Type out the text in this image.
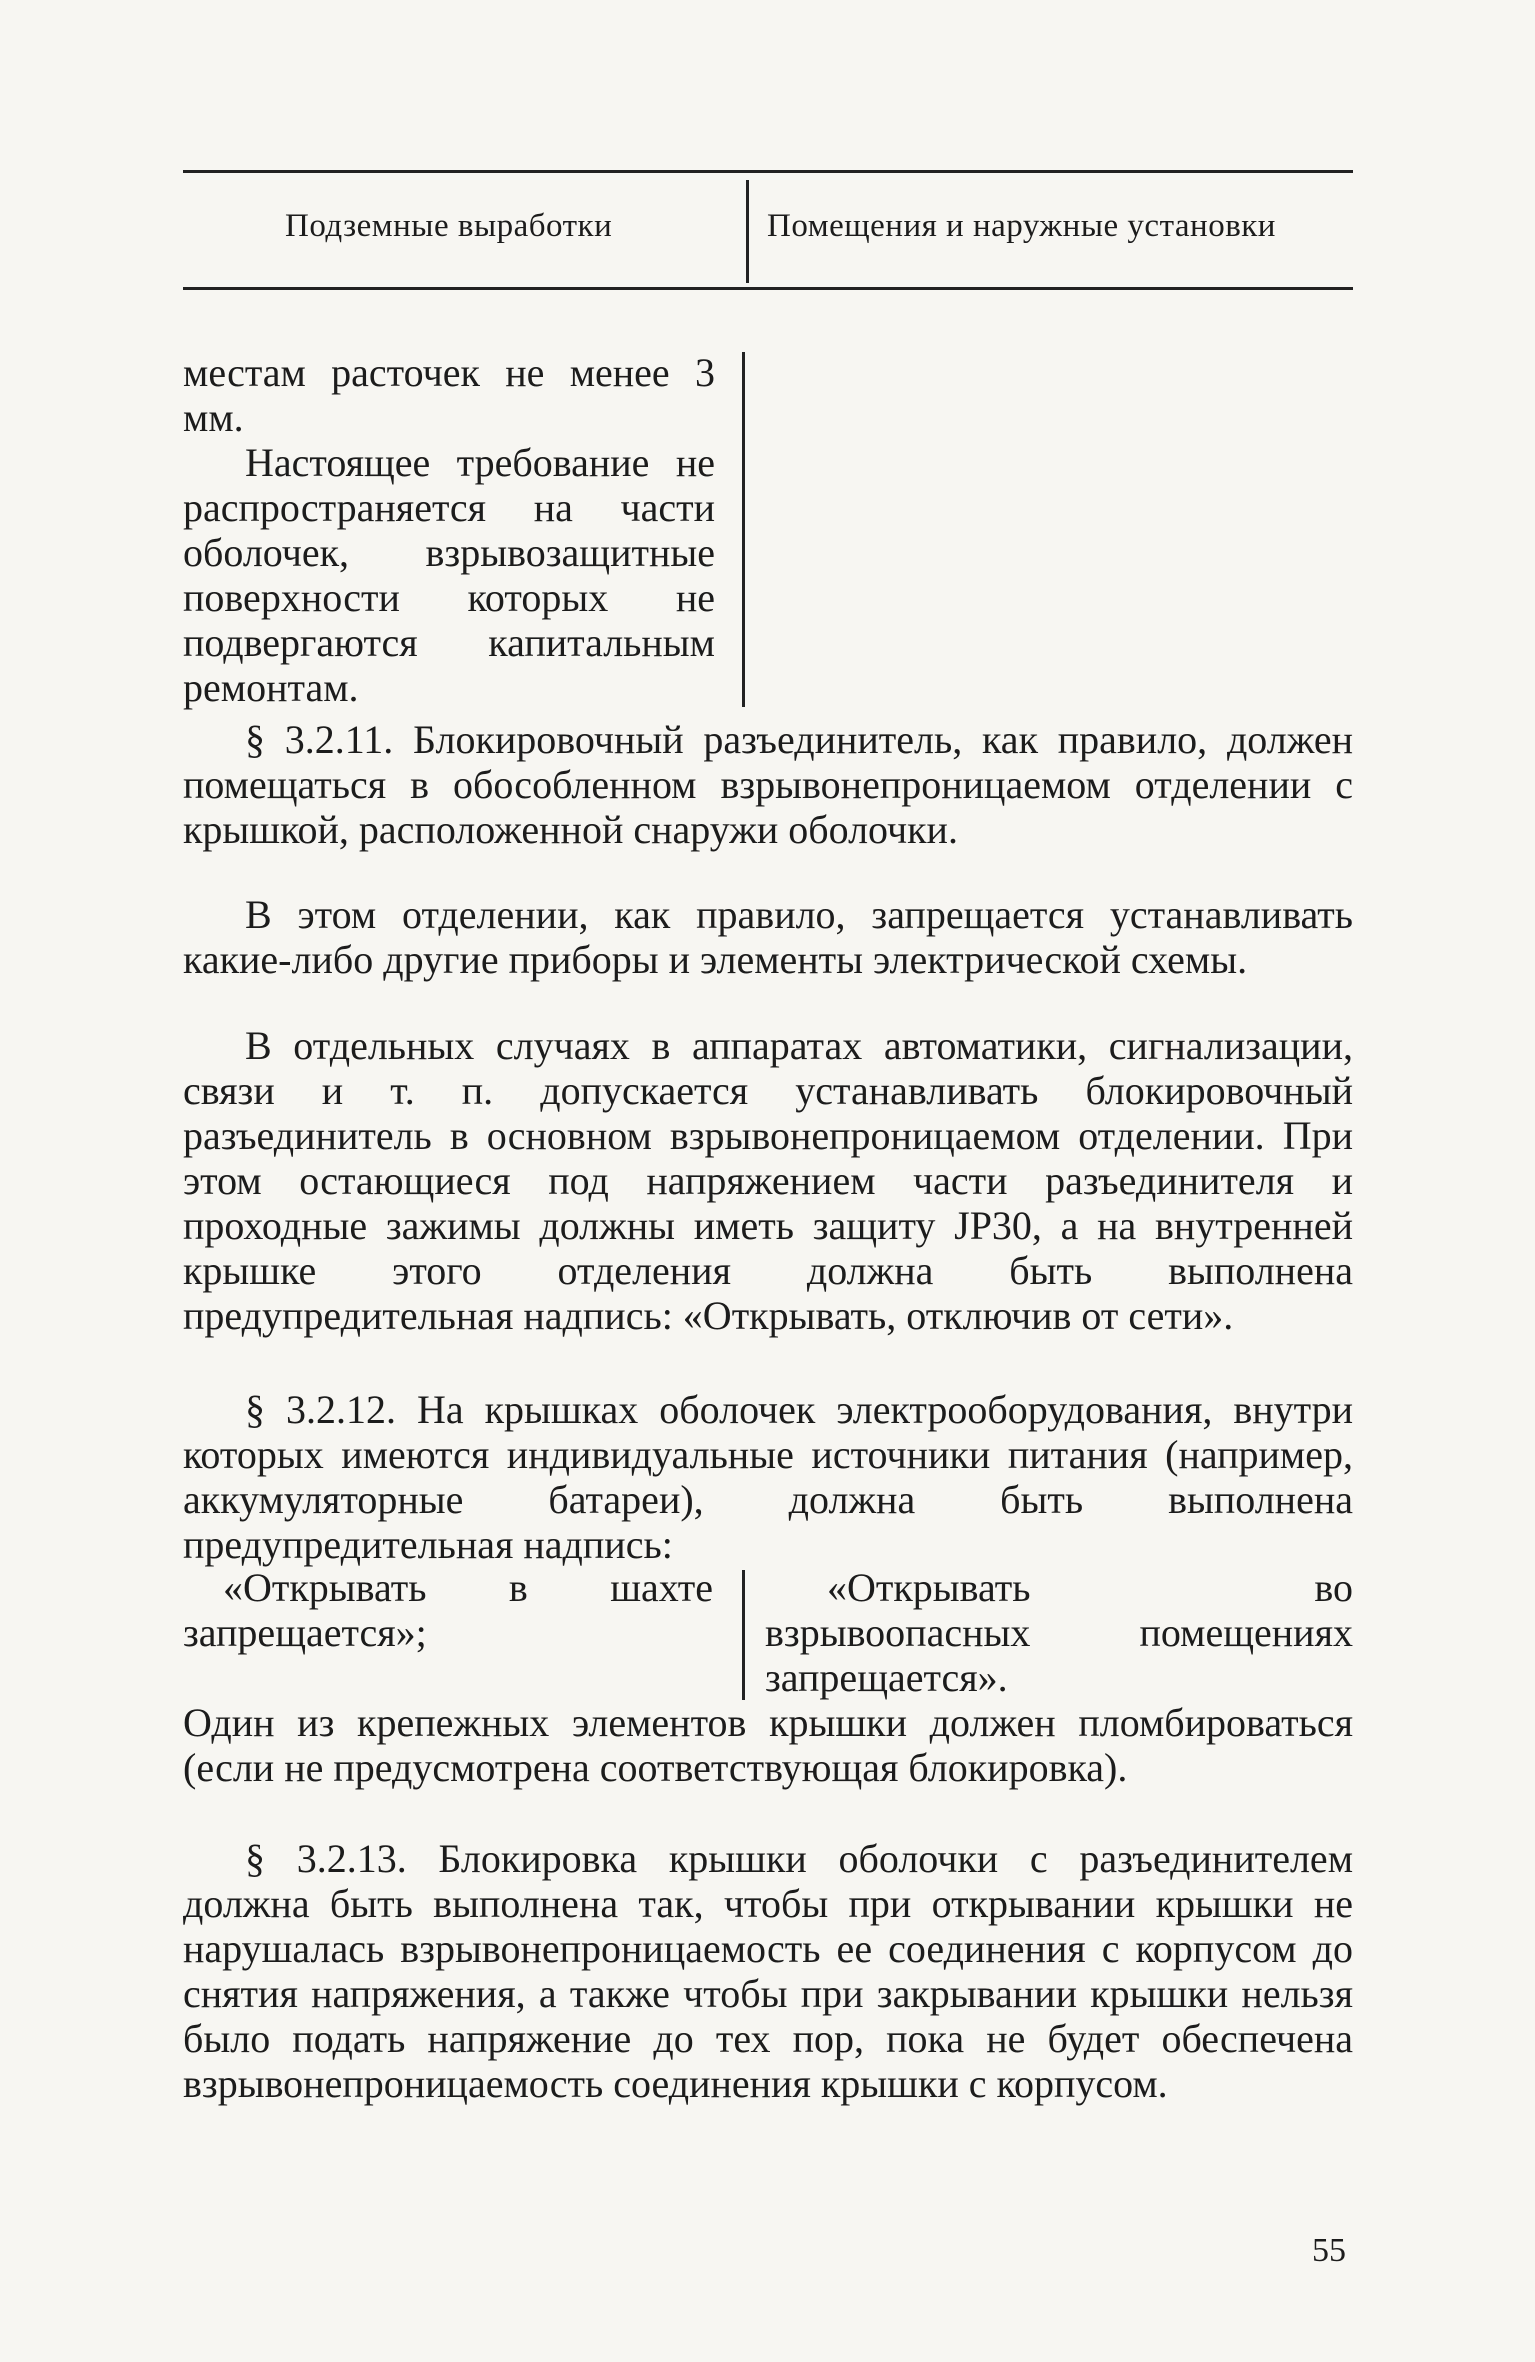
Подземные выработки	Помещения и наружные установки

местам расточек не менее 3 мм.

Настоящее требование не распространяется на части оболочек, взрывозащитные поверхности которых не подвергаются капитальным ремонтам.

§ 3.2.11. Блокировочный разъединитель, как правило, должен помещаться в обособленном взрывонепроницаемом отделении с крышкой, расположенной снаружи оболочки.

В этом отделении, как правило, запрещается устанавливать какие-либо другие приборы и элементы электрической схемы.

В отдельных случаях в аппаратах автоматики, сигнализации, связи и т. п. допускается устанавливать блокировочный разъединитель в основном взрывонепроницаемом отделении. При этом остающиеся под напряжением части разъединителя и проходные зажимы должны иметь защиту JP30, а на внутренней крышке этого отделения должна быть выполнена предупредительная надпись: «Открывать, отключив от сети».

§ 3.2.12. На крышках оболочек электрооборудования, внутри которых имеются индивидуальные источники питания (например, аккумуляторные батареи), должна быть выполнена предупредительная надпись:

«Открывать в шахте запрещается»;

«Открывать во взрывоопасных помещениях запрещается».

Один из крепежных элементов крышки должен пломбироваться (если не предусмотрена соответствующая блокировка).

§ 3.2.13. Блокировка крышки оболочки с разъединителем должна быть выполнена так, чтобы при открывании крышки не нарушалась взрывонепроницаемость ее соединения с корпусом до снятия напряжения, а также чтобы при закрывании крышки нельзя было подать напряжение до тех пор, пока не будет обеспечена взрывонепроницаемость соединения крышки с корпусом.

55
